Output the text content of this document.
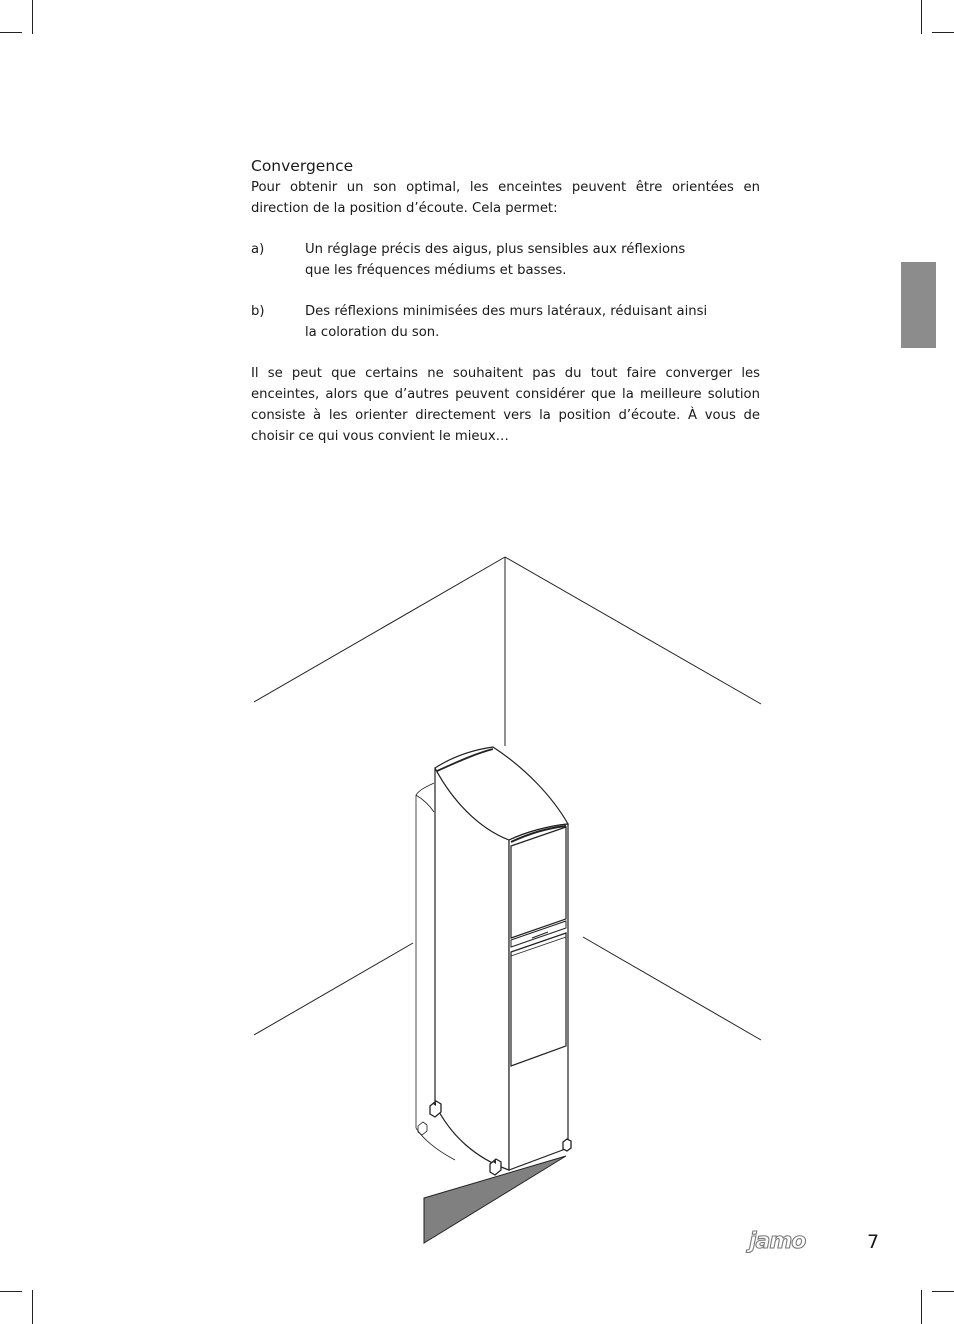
Convergence

Pour obtenir un son optimal, les enceintes peuvent être orientées en direction de la position d’écoute. Cela permet:

a)	Un réglage précis des aigus, plus sensibles aux réflexions que les fréquences médiums et basses.
b)	Des réflexions minimisées des murs latéraux, réduisant ainsi la coloration du son.

Il se peut que certains ne souhaitent pas du tout faire converger les enceintes, alors que d’autres peuvent considérer que la meilleure solution consiste à les orienter directement vers la position d’écoute. À vous de choisir ce qui vous convient le mieux…

jamo	7
